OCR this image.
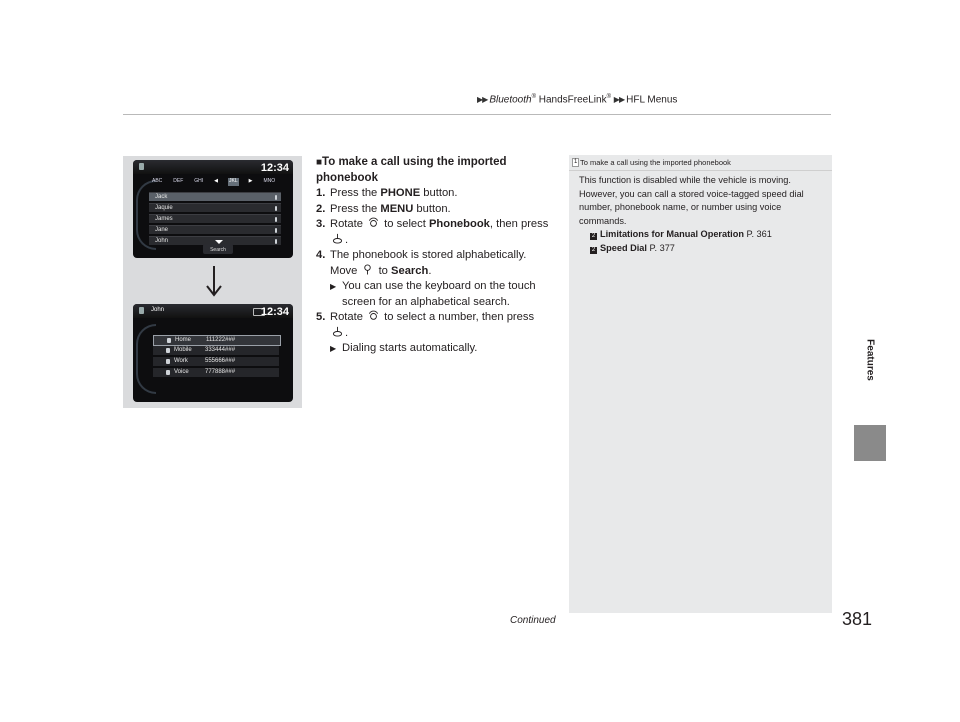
▶▶ Bluetooth® HandsFreeLink® ▶▶ HFL Menus
Features
12:34
ABC DEF GHI ◀ JKL ▶ MNO
Jack
Jaquie
James
Jane
John
Search
John	12:34
Home 111222###
Mobile 333444###
Work	555666###
Voice	777888###
■To make a call using the imported phonebook
1. Press the PHONE button.
2. Press the MENU button.
3. Rotate  to select Phonebook, then press .
4. The phonebook is stored alphabetically.
Move  to Search.
▶ You can use the keyboard on the touch screen for an alphabetical search.
5. Rotate  to select a number, then press
.
▶ Dialing starts automatically.
1 To make a call using the imported phonebook
This function is disabled while the vehicle is moving. However, you can call a stored voice-tagged speed dial number, phonebook name, or number using voice commands.
2 Limitations for Manual Operation P. 361
2 Speed Dial P. 377
Continued	381
